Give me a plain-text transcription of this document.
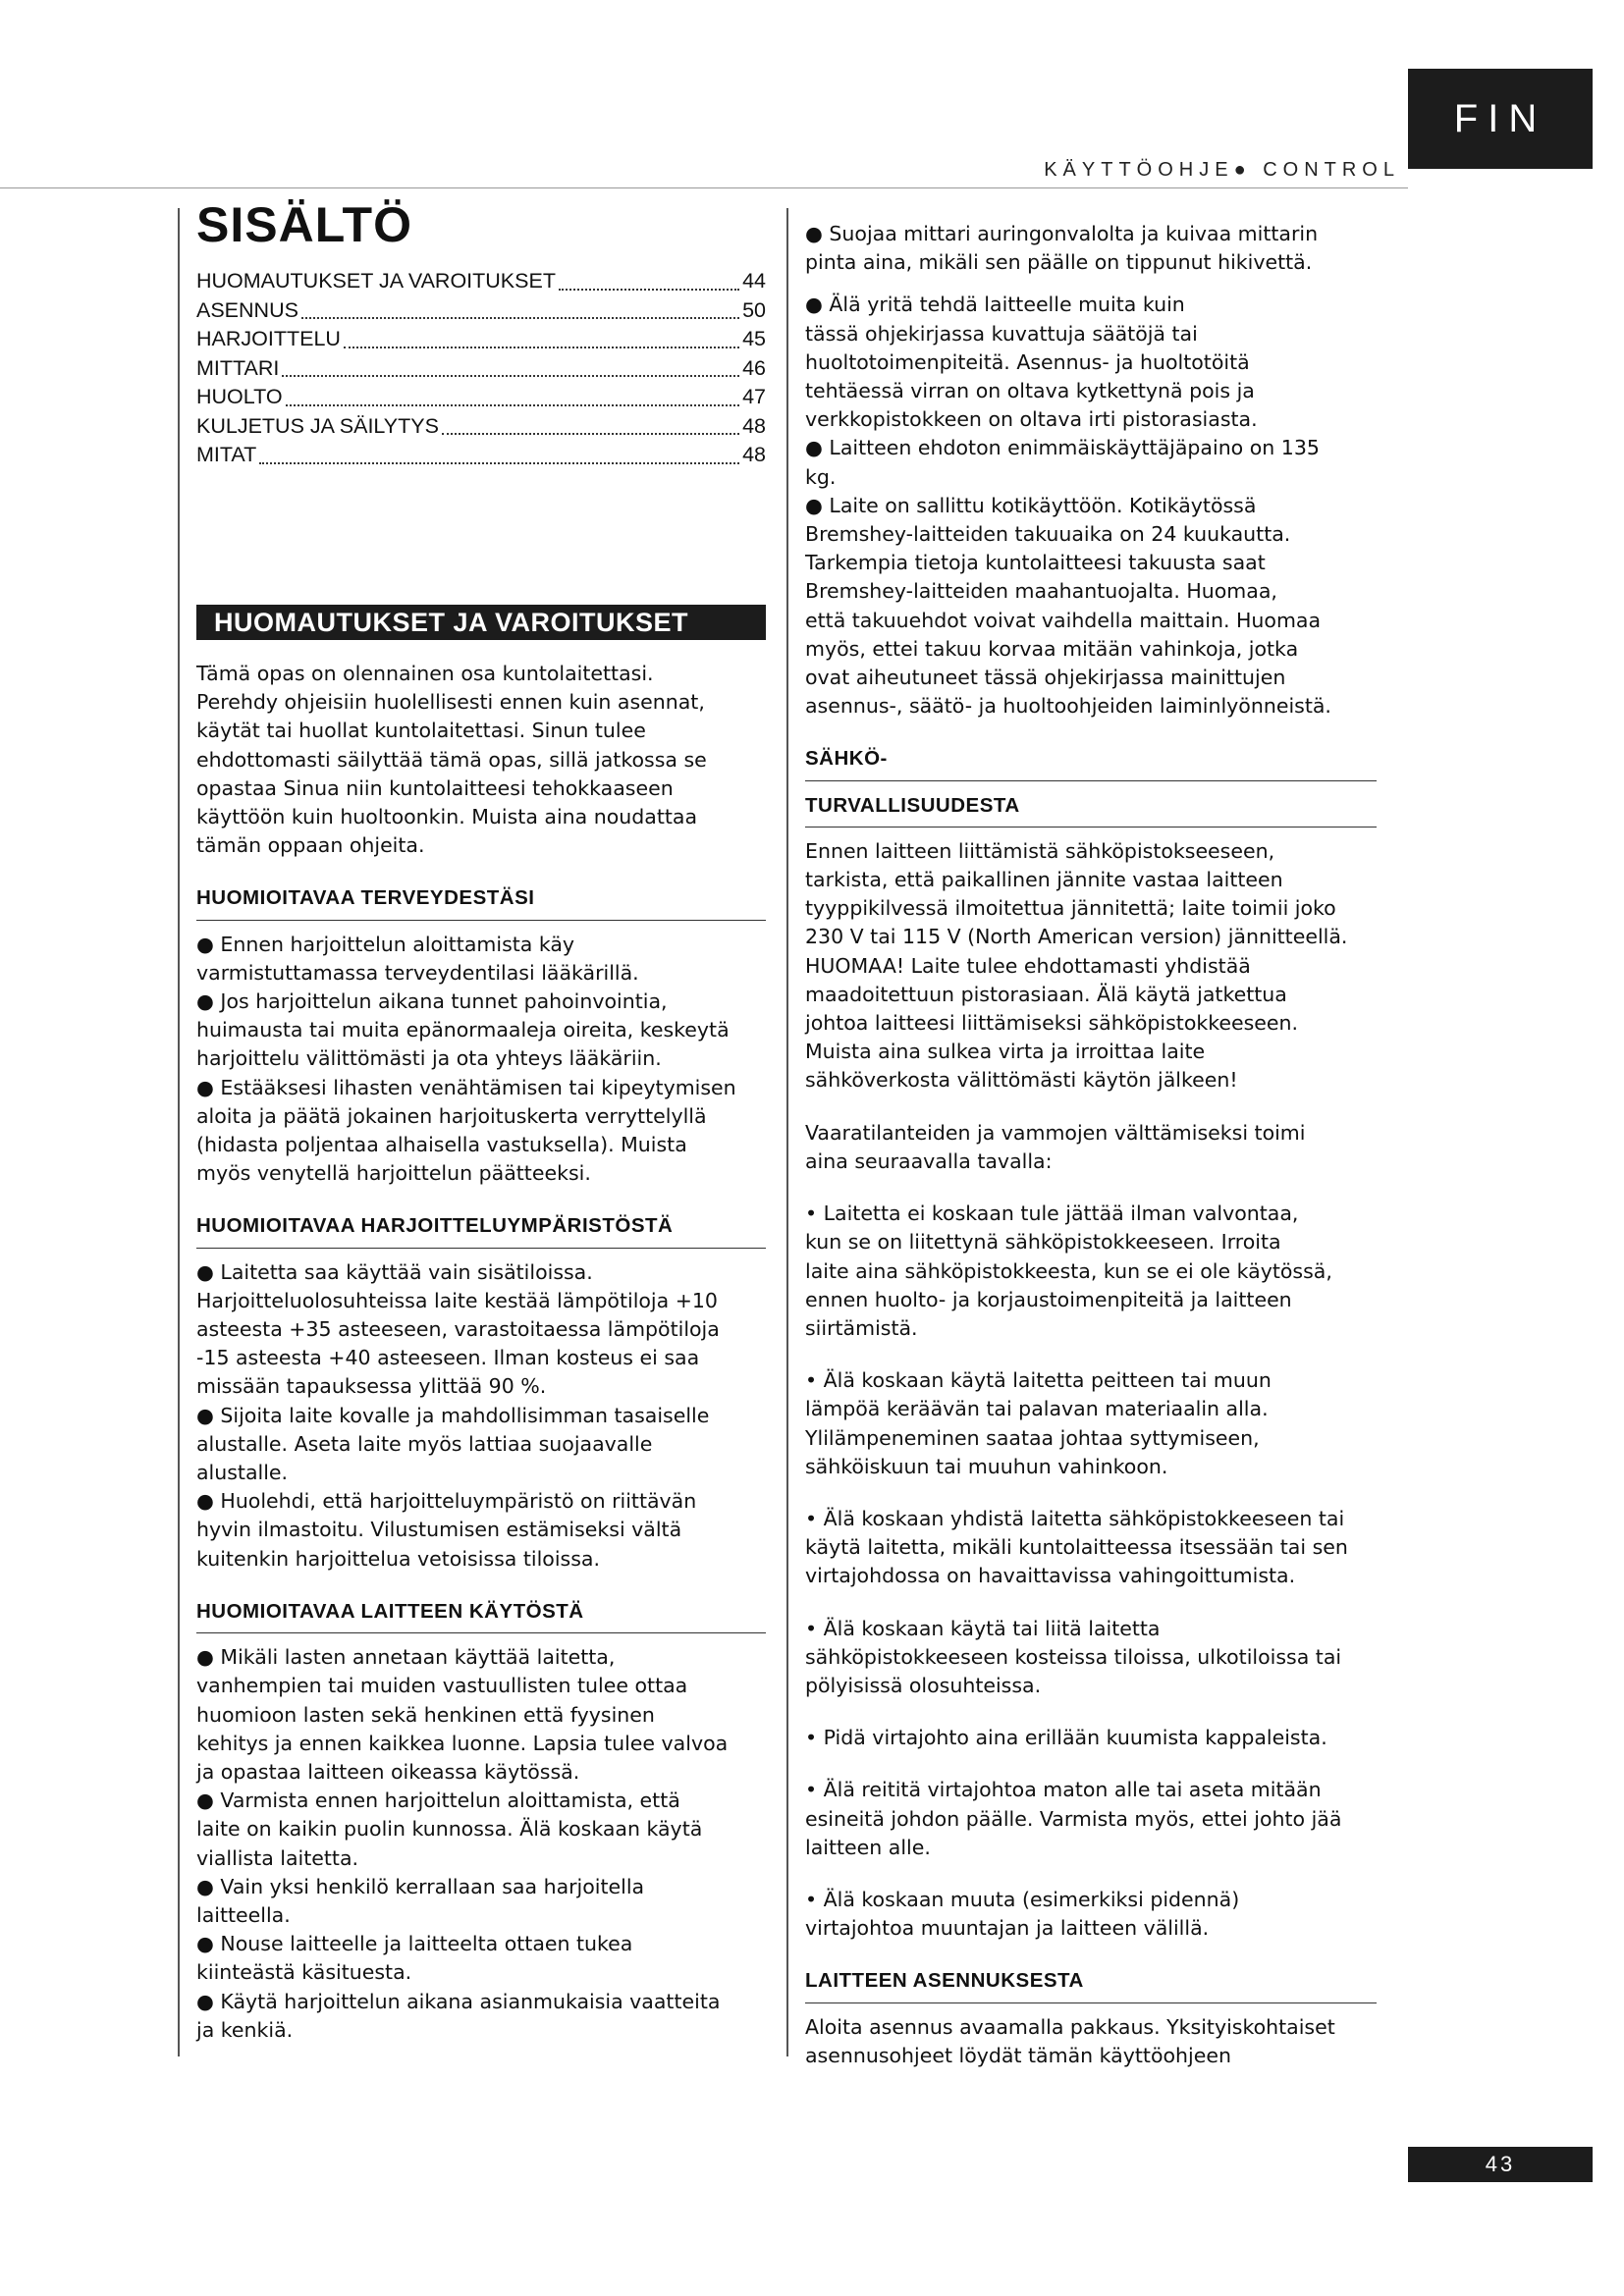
FIN
KÄYTTÖOHJE● CONTROL
SISÄLTÖ
HUOMAUTUKSET JA VAROITUKSET	44
ASENNUS	50
HARJOITTELU	45
MITTARI	46
HUOLTO	47
KULJETUS JA SÄILYTYS	48
MITAT	48
HUOMAUTUKSET JA VAROITUKSET

Tämä opas on olennainen osa kuntolaitettasi.

Perehdy ohjeisiin huolellisesti ennen kuin asennat,

käytät tai huollat kuntolaitettasi. Sinun tulee

ehdottomasti säilyttää tämä opas, sillä jatkossa se

opastaa Sinua niin kuntolaitteesi tehokkaaseen

käyttöön kuin huoltoonkin. Muista aina noudattaa

tämän oppaan ohjeita.

HUOMIOITAVAA TERVEYDESTÄSI

● Ennen harjoittelun aloittamista käy

varmistuttamassa terveydentilasi lääkärillä.

● Jos harjoittelun aikana tunnet pahoinvointia,

huimausta tai muita epänormaaleja oireita, keskeytä

harjoittelu välittömästi ja ota yhteys lääkäriin.

● Estääksesi lihasten venähtämisen tai kipeytymisen

aloita ja päätä jokainen harjoituskerta verryttelyllä

(hidasta poljentaa alhaisella vastuksella). Muista

myös venytellä harjoittelun päätteeksi.

HUOMIOITAVAA HARJOITTELUYMPÄRISTÖSTÄ

● Laitetta saa käyttää vain sisätiloissa.

Harjoitteluolosuhteissa laite kestää lämpötiloja +10

asteesta +35 asteeseen, varastoitaessa lämpötiloja

-15 asteesta +40 asteeseen. Ilman kosteus ei saa

missään tapauksessa ylittää 90 %.

● Sijoita laite kovalle ja mahdollisimman tasaiselle

alustalle. Aseta laite myös lattiaa suojaavalle

alustalle.

● Huolehdi, että harjoitteluympäristö on riittävän

hyvin ilmastoitu. Vilustumisen estämiseksi vältä

kuitenkin harjoittelua vetoisissa tiloissa.

HUOMIOITAVAA LAITTEEN KÄYTÖSTÄ

● Mikäli lasten annetaan käyttää laitetta,

vanhempien tai muiden vastuullisten tulee ottaa

huomioon lasten sekä henkinen että fyysinen

kehitys ja ennen kaikkea luonne. Lapsia tulee valvoa

ja opastaa laitteen oikeassa käytössä.

● Varmista ennen harjoittelun aloittamista, että

laite on kaikin puolin kunnossa. Älä koskaan käytä

viallista laitetta.

● Vain yksi henkilö kerrallaan saa harjoitella

laitteella.

● Nouse laitteelle ja laitteelta ottaen tukea

kiinteästä käsituesta.

● Käytä harjoittelun aikana asianmukaisia vaatteita

ja kenkiä.

● Suojaa mittari auringonvalolta ja kuivaa mittarin

pinta aina, mikäli sen päälle on tippunut hikivettä.

● Älä yritä tehdä laitteelle muita kuin

tässä ohjekirjassa kuvattuja säätöjä tai

huoltotoimenpiteitä. Asennus- ja huoltotöitä

tehtäessä virran on oltava kytkettynä pois ja

verkkopistokkeen on oltava irti pistorasiasta.

● Laitteen ehdoton enimmäiskäyttäjäpaino on 135

kg.

● Laite on sallittu kotikäyttöön. Kotikäytössä

Bremshey-laitteiden takuuaika on 24 kuukautta.

Tarkempia tietoja kuntolaitteesi takuusta saat

Bremshey-laitteiden maahantuojalta. Huomaa,

että takuuehdot voivat vaihdella maittain. Huomaa

myös, ettei takuu korvaa mitään vahinkoja, jotka

ovat aiheutuneet tässä ohjekirjassa mainittujen

asennus-, säätö- ja huoltoohjeiden laiminlyönneistä.

SÄHKÖ-
TURVALLISUUDESTA

Ennen laitteen liittämistä sähköpistokseeseen,

tarkista, että paikallinen jännite vastaa laitteen

tyyppikilvessä ilmoitettua jännitettä; laite toimii joko

230 V tai 115 V (North American version) jännitteellä.

HUOMAA! Laite tulee ehdottamasti yhdistää

maadoitettuun pistorasiaan. Älä käytä jatkettua

johtoa laitteesi liittämiseksi sähköpistokkeeseen.

Muista aina sulkea virta ja irroittaa laite

sähköverkosta välittömästi käytön jälkeen!

Vaaratilanteiden ja vammojen välttämiseksi toimi

aina seuraavalla tavalla:

• Laitetta ei koskaan tule jättää ilman valvontaa,

kun se on liitettynä sähköpistokkeeseen. Irroita

laite aina sähköpistokkeesta, kun se ei ole käytössä,

ennen huolto- ja korjaustoimenpiteitä ja laitteen

siirtämistä.

• Älä koskaan käytä laitetta peitteen tai muun

lämpöä keräävän tai palavan materiaalin alla.

Ylilämpeneminen saataa johtaa syttymiseen,

sähköiskuun tai muuhun vahinkoon.

• Älä koskaan yhdistä laitetta sähköpistokkeeseen tai

käytä laitetta, mikäli kuntolaitteessa itsessään tai sen

virtajohdossa on havaittavissa vahingoittumista.

• Älä koskaan käytä tai liitä laitetta

sähköpistokkeeseen kosteissa tiloissa, ulkotiloissa tai

pölyisissä olosuhteissa.

• Pidä virtajohto aina erillään kuumista kappaleista.

• Älä reititä virtajohtoa maton alle tai aseta mitään

esineitä johdon päälle. Varmista myös, ettei johto jää

laitteen alle.

• Älä koskaan muuta (esimerkiksi pidennä)

virtajohtoa muuntajan ja laitteen välillä.

LAITTEEN ASENNUKSESTA

Aloita asennus avaamalla pakkaus. Yksityiskohtaiset

asennusohjeet löydät tämän käyttöohjeen

43
